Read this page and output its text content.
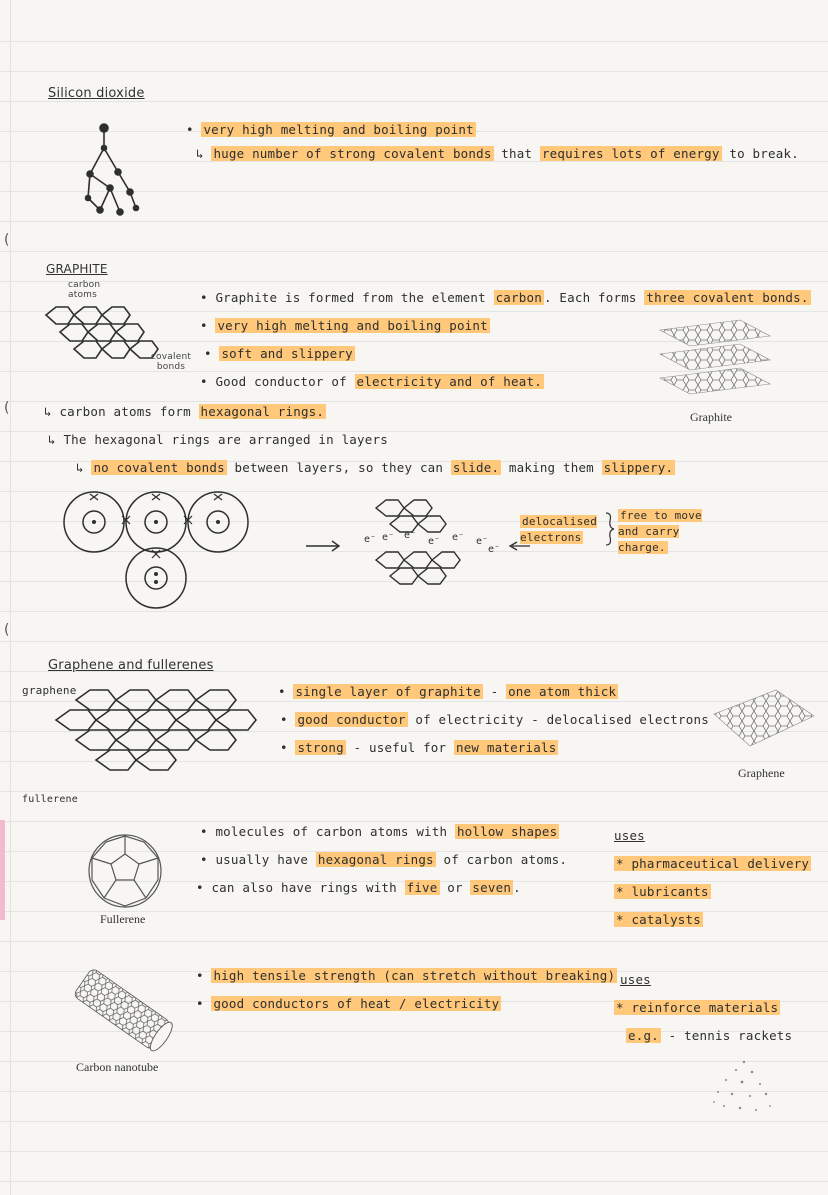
(
(
(
Silicon dioxide
• very high melting and boiling point
↳ huge number of strong covalent bonds that requires lots of energy to break.
GRAPHITE
carbon atoms
covalent bonds
• Graphite is formed from the element carbon . Each forms three covalent bonds.
• very high melting and boiling point
• soft and slippery
• Good conductor of electricity and of heat.
Graphite
↳ carbon atoms form hexagonal rings.
↳ The hexagonal rings are arranged in layers
↳ no covalent bonds between layers, so they can slide. making them slippery.
e⁻ e⁻ e⁻
e⁻ e⁻ e⁻
e⁻
delocalised electrons
free to move and carry charge.
Graphene and fullerenes
graphene	• single layer of graphite - one atom thick
• good conductor of electricity - delocalised electrons
• strong - useful for new materials
Graphene
fullerene
Fullerene
• molecules of carbon atoms with hollow shapes
• usually have hexagonal rings of carbon atoms.
• can also have rings with five or seven .
uses
* pharmaceutical delivery
* lubricants
* catalysts
Carbon nanotube
• high tensile strength (can stretch without breaking)
• good conductors of heat / electricity
uses
* reinforce materials
e.g. - tennis rackets
